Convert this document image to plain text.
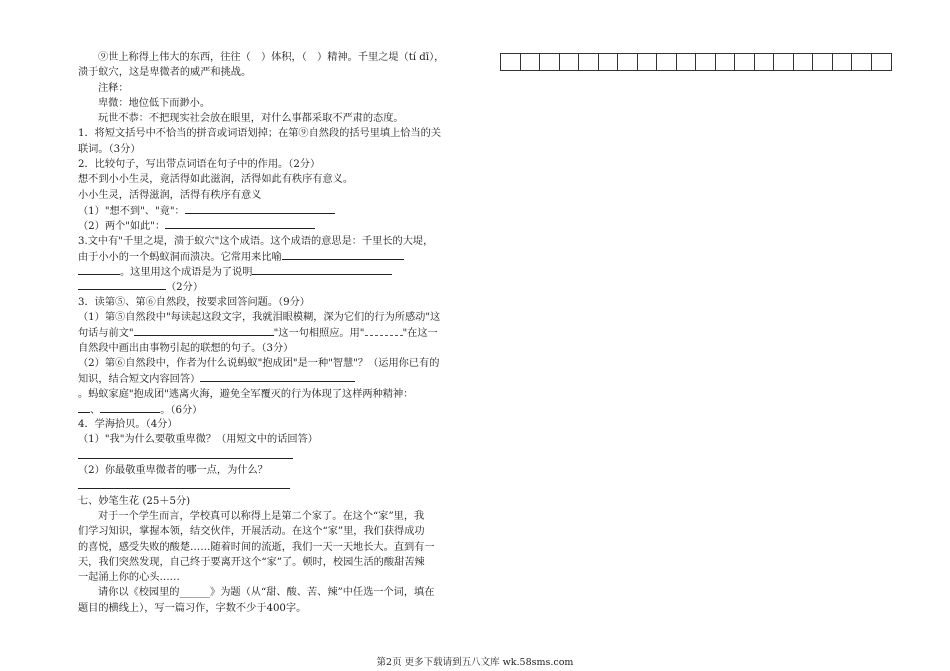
⑨世上称得上伟大的东西，往往（　）体积，（　）精神。千里之堤（tí dī），
溃于蚁穴，这是卑微者的威严和挑战。
注释：
卑微：地位低下而渺小。
玩世不恭：不把现实社会放在眼里，对什么事都采取不严肃的态度。
1．将短文括号中不恰当的拼音或词语划掉；在第⑨自然段的括号里填上恰当的关
联词。（3分）
2．比较句子，写出带点词语在句子中的作用。（2分）
想不到小小生灵，竟活得如此滋润，活得如此有秩序有意义。
小小生灵，活得滋润，活得有秩序有意义
（1）"想不到"、"竟"：
（2）两个"如此"：
3.文中有"千里之堤，溃于蚁穴"这个成语。这个成语的意思是：千里长的大堤，
由于小小的一个蚂蚁洞而溃决。它常用来比喻
。这里用这个成语是为了说明
（2分）
3．读第⑤、第⑥自然段，按要求回答问题。（9分）
（1）第⑤自然段中"每读起这段文字，我就泪眼模糊，深为它们的行为所感动"这
句话与前文"	"这一句相照应。用"	"在这一
自然段中画出由事物引起的联想的句子。（3分）
（2）第⑥自然段中，作者为什么说蚂蚁"抱成团"是一种"智慧"？（运用你已有的
知识，结合短文内容回答）
。蚂蚁家庭"抱成团"逃离火海，避免全军覆灭的行为体现了这样两种精神：
、	。（6分）
4．学海拾贝。（4分）
（1）"我"为什么要敬重卑微？（用短文中的话回答）
（2）你最敬重卑微者的哪一点，为什么？
七、妙笔生花 (25＋5分)
对于一个学生而言，学校真可以称得上是第二个家了。在这个“家”里，我
们学习知识，掌握本领，结交伙伴，开展活动。在这个“家”里，我们获得成功
的喜悦，感受失败的酸楚……随着时间的流逝，我们一天一天地长大。直到有一
天，我们突然发现，自己终于要离开这个“家”了。顿时，校园生活的酸甜苦辣
一起涌上你的心头……
请你以《校园里的______》为题（从“甜、酸、苦、辣”中任选一个词，填在
题目的横线上），写一篇习作，字数不少于400字。
第2页 更多下载请到五八文库 wk.58sms.com
